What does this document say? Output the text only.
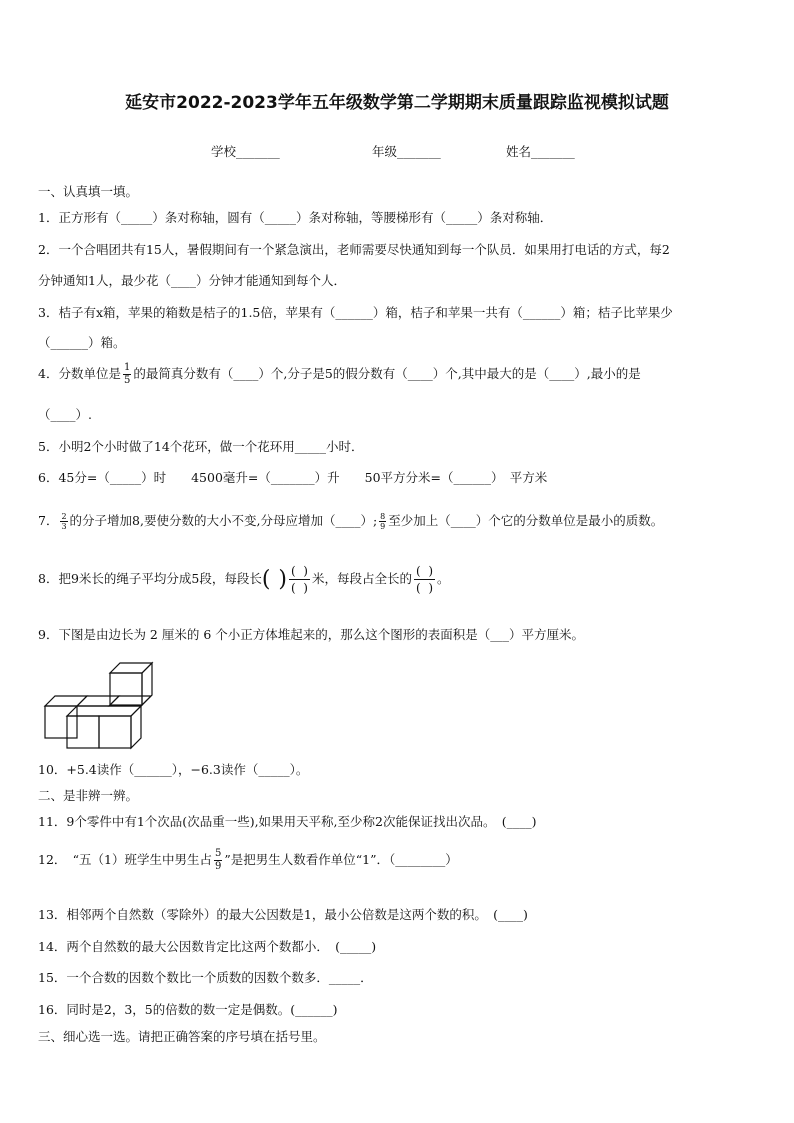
延安市2022-2023学年五年级数学第二学期期末质量跟踪监视模拟试题
学校_______	年级_______	姓名_______
一、认真填一填。
1．正方形有（_____）条对称轴，圆有（_____）条对称轴，等腰梯形有（_____）条对称轴．
2．一个合唱团共有15人，暑假期间有一个紧急演出，老师需要尽快通知到每一个队员．如果用打电话的方式，每2
分钟通知1人，最少花（____）分钟才能通知到每个人．
3．桔子有x箱，苹果的箱数是桔子的1.5倍，苹果有（______）箱，桔子和苹果一共有（______）箱；桔子比苹果少
（______）箱。
4．分数单位是 $\frac{1}{5}$ 的最简真分数有（____）个,分子是5的假分数有（____）个,其中最大的是（____）,最小的是
（____）.
5．小明2个小时做了14个花环，做一个花环用_____小时．
6．45分=（_____）时　　4500毫升=（_______）升　　50平方分米=（______）　平方米
7． $\frac{2}{3}$ 的分子增加8,要使分数的大小不变,分母应增加（____）; $\frac{8}{9}$ 至少加上（____）个它的分数单位是最小的质数。
8．把9米长的绳子平均分成5段，每段长( ) $\frac{( )}{( )}$ 米，每段占全长的 $\frac{( )}{( )}$ 。
9．下图是由边长为 2 厘米的 6 个小正方体堆起来的，那么这个图形的表面积是（___）平方厘米。
10．+5.4读作（______），−6.3读作（_____）。
二、是非辨一辨。
11．9个零件中有1个次品(次品重一些),如果用天平称,至少称2次能保证找出次品。　(____)
12．　“五（1）班学生中男生占 $\frac{5}{9}$ ”是把男生人数看作单位“1”．（________）
13．相邻两个自然数（零除外）的最大公因数是1，最小公倍数是这两个数的积。　(____)
14．两个自然数的最大公因数肯定比这两个数都小．　(_____)
15．一个合数的因数个数比一个质数的因数个数多．_____．
16．同时是2，3，5的倍数的数一定是偶数。(______)
三、细心选一选。请把正确答案的序号填在括号里。
